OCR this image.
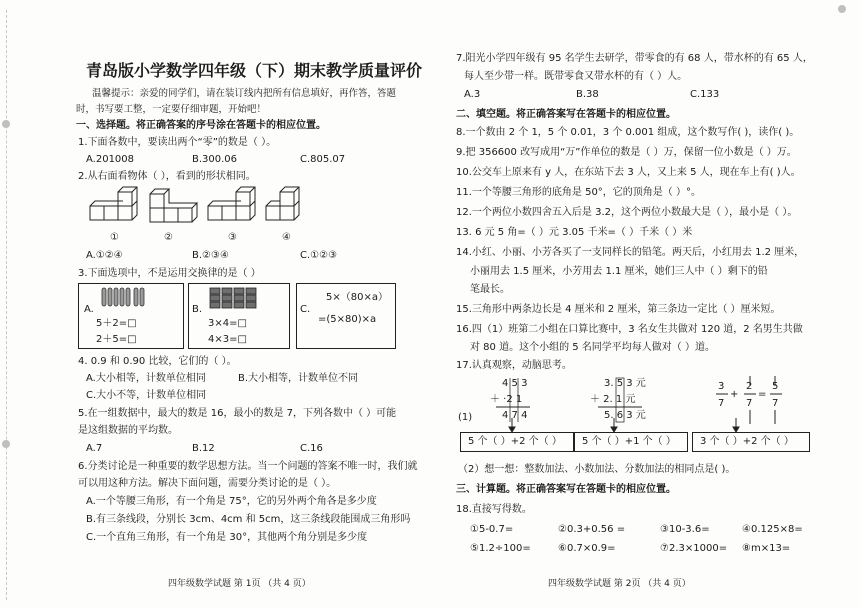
青岛版小学数学四年级（下）期末教学质量评价
温馨提示：亲爱的同学们，请在装订线内把所有信息填好，再作答，答题
时，书写要工整，一定要仔细审题，开始吧！
一、选择题。将正确答案的序号涂在答题卡的相应位置。
1.下面各数中，要读出两个“零”的数是（ ）。
A.201008	B.300.06	C.805.07
2.从右面看物体（ ），看到的形状相同。
①	②	③	④
A.①②④	B.②③④	C.①②③
3.下面选项中，不是运用交换律的是（ ）
A.
5＋2=□
2＋5=□
B.
3×4=□
4×3=□
C.
5×（80×a）
=(5×80)×a
4. 0.9 和 0.90 比较，它们的（ ）。
A.大小相等，计数单位相同	B.大小相等，计数单位不同
C.大小不等，计数单位相同
5.在一组数据中，最大的数是 16，最小的数是 7，下列各数中（ ）可能
是这组数据的平均数。
A.7	B.12	C.16
6.分类讨论是一种重要的数学思想方法。当一个问题的答案不唯一时，我们就
可以用这种方法。解决下面问题，需要分类讨论的是（ ）。
A.一个等腰三角形，有一个角是 75°，它的另外两个角各是多少度
B.有三条线段，分别长 3cm、4cm 和 5cm，这三条线段能围成三角形吗
C.一个直角三角形，有一个角是 30°，其他两个角分别是多少度
四年级数学试题 第 1页 （共 4 页）
7.阳光小学四年级有 95 名学生去研学，带零食的有 68 人，带水杯的有 65 人，
每人至少带一样。既带零食又带水杯的有（ ）人。
A.3	B.38	C.133
二、填空题。将正确答案写在答题卡的相应位置。
8.一个数由 2 个 1，5 个 0.01，3 个 0.001 组成，这个数写作( )，读作( )。
9.把 356600 改写成用“万”作单位的数是（ ）万，保留一位小数是（ ）万。
10.公交车上原来有 y 人，在东站下去 3 人，又上来 5 人，现在车上有( )人。
11.一个等腰三角形的底角是 50°，它的顶角是（ ）°。
12.一个两位小数四舍五入后是 3.2，这个两位小数最大是（ ），最小是（ ）。
13. 6 元 5 角=（ ）元 3.05 千米=（ ）千米（ ）米
14.小红、小丽、小芳各买了一支同样长的铅笔。两天后，小红用去 1.2 厘米，
小丽用去 1.5 厘米，小芳用去 1.1 厘米，她们三人中（ ）剩下的铅
笔最长。
15.三角形中两条边长是 4 厘米和 2 厘米，第三条边一定比（ ）厘米短。
16.四（1）班第二小组在口算比赛中，3 名女生共做对 120 道，2 名男生共做
对 80 道。这个小组的 5 名同学平均每人做对（ ）道。
17.认真观察，动脑思考。
(1)
4 5 3
＋ ·2 1
4 7 4
3. 5 3 元
＋ 2. 1 元
5. 6 3 元
3
7
+
2
7
=
5
7
5 个（ ）+2 个（ ） 5 个（ ）+1 个（ ） 3 个（ ）+2 个（ ）
（2）想一想：整数加法、小数加法、分数加法的相同点是( )。
三、计算题。将正确答案写在答题卡的相应位置。
18.直接写得数。
①5-0.7=	②0.3+0.56 =	③10-3.6=	④0.125×8=
⑤1.2÷100=	⑥0.7×0.9=	⑦2.3×1000= ⑧m×13=
四年级数学试题 第 2页 （共 4 页）
